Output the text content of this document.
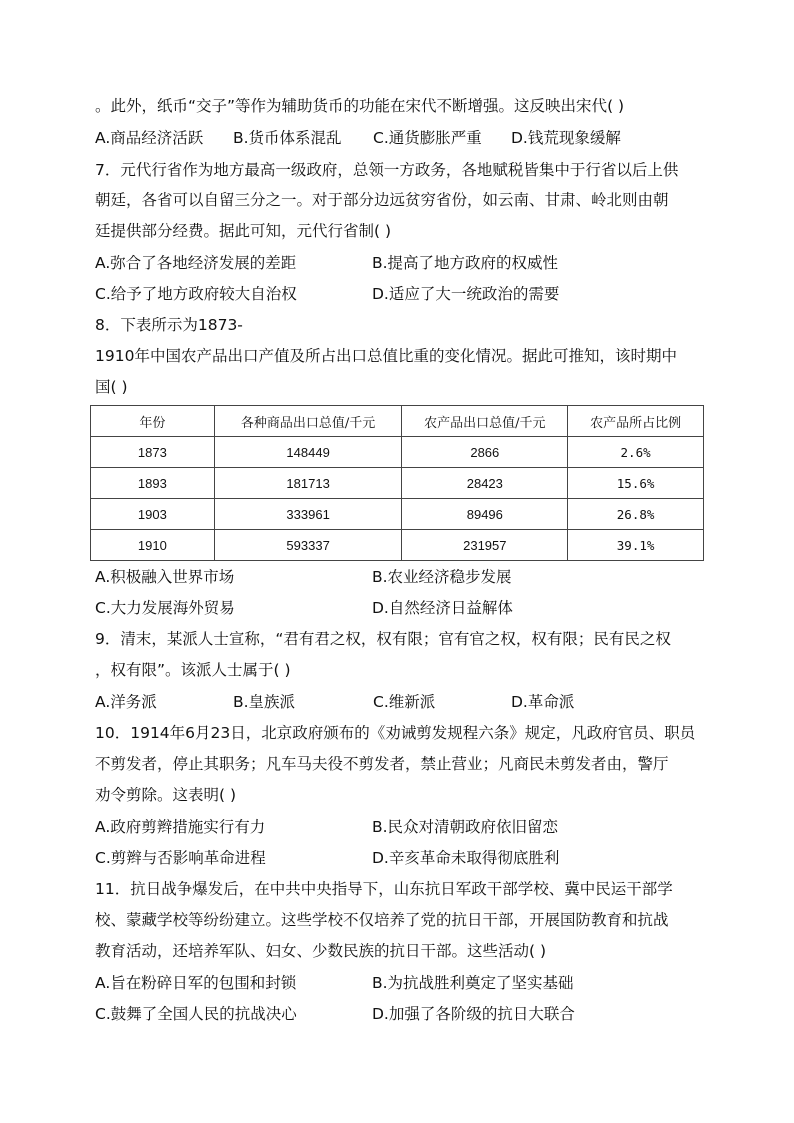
。此外，纸币“交子”等作为辅助货币的功能在宋代不断增强。这反映出宋代( )
A.商品经济活跃 B.货币体系混乱 C.通货膨胀严重 D.钱荒现象缓解
7．元代行省作为地方最高一级政府，总领一方政务，各地赋税皆集中于行省以后上供
朝廷，各省可以自留三分之一。对于部分边远贫穷省份，如云南、甘肃、岭北则由朝
廷提供部分经费。据此可知，元代行省制( )
A.弥合了各地经济发展的差距	B.提高了地方政府的权威性
C.给予了地方政府较大自治权	D.适应了大一统政治的需要
8．下表所示为1873-
1910年中国农产品出口产值及所占出口总值比重的变化情况。据此可推知，该时期中
国( )
年份	各种商品出口总值/千元	农产品出口总值/千元	农产品所占比例
1873	148449	2866	2.6%
1893	181713	28423	15.6%
1903	333961	89496	26.8%
1910	593337	231957	39.1%
A.积极融入世界市场	B.农业经济稳步发展
C.大力发展海外贸易	D.自然经济日益解体
9．清末，某派人士宣称，“君有君之权，权有限；官有官之权，权有限；民有民之权
，权有限”。该派人士属于( )
A.洋务派	B.皇族派	C.维新派	D.革命派
10．1914年6月23日，北京政府颁布的《劝诫剪发规程六条》规定，凡政府官员、职员
不剪发者，停止其职务；凡车马夫役不剪发者，禁止营业；凡商民未剪发者由，警厅
劝令剪除。这表明( )
A.政府剪辫措施实行有力	B.民众对清朝政府依旧留恋
C.剪辫与否影响革命进程	D.辛亥革命未取得彻底胜利
11．抗日战争爆发后，在中共中央指导下，山东抗日军政干部学校、冀中民运干部学
校、蒙藏学校等纷纷建立。这些学校不仅培养了党的抗日干部，开展国防教育和抗战
教育活动，还培养军队、妇女、少数民族的抗日干部。这些活动( )
A.旨在粉碎日军的包围和封锁	B.为抗战胜利奠定了坚实基础
C.鼓舞了全国人民的抗战决心	D.加强了各阶级的抗日大联合
